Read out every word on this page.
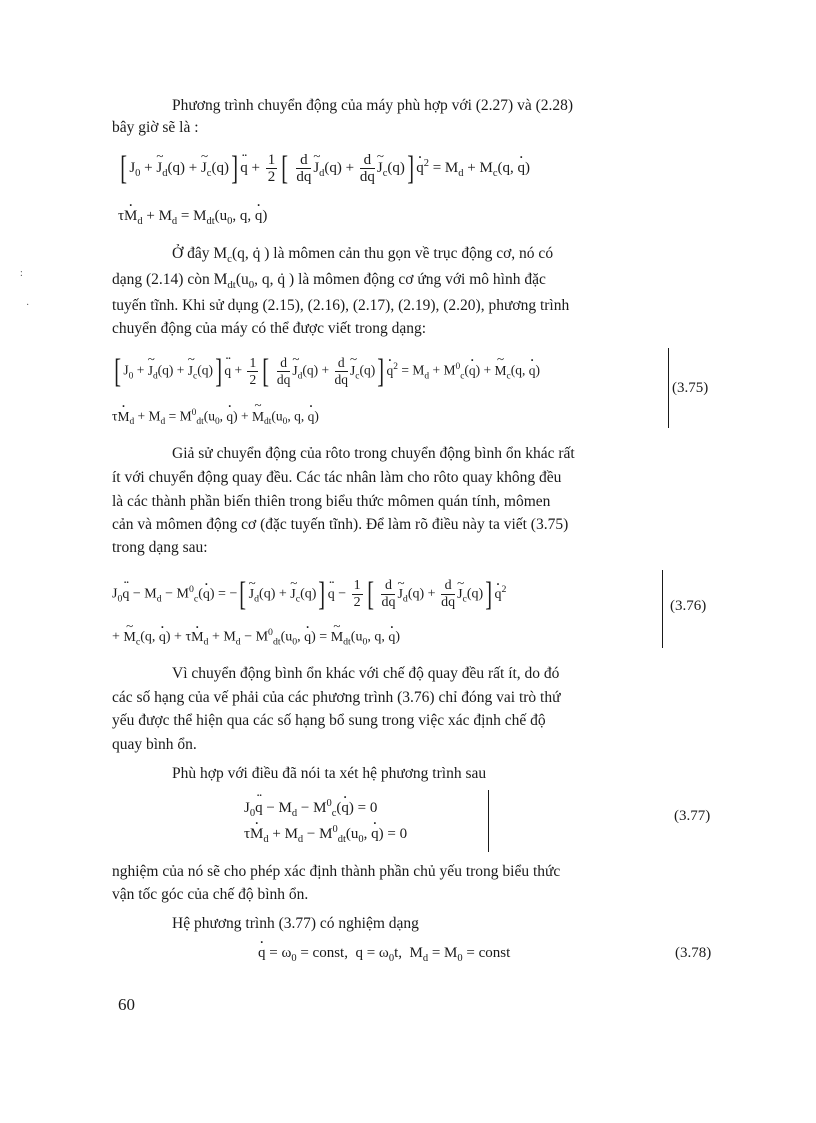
:
·
Phương trình chuyển động của máy phù hợp với (2.27) và (2.28)
bây giờ sẽ là :
[ $J_0$ + ~ $J_d(q)$ + ~ $J_c(q)$] .. $q + \frac{1}{2}$ [ $\frac{d}{dq}$ ~ $J_d(q) + \frac{d}{dq}$ ~ $J_c(q)$] . $q^2 = M_d + M_c(q$, . q)
τ. $M_d + M_d = M_{dt}(u_0$, q, . q)
Ở đây $M_c(q$, q̇ ) là mômen cản thu gọn về trục động cơ, nó có
dạng (2.14) còn $M_{dt}(u_0$, q, q̇ ) là mômen động cơ ứng với mô hình đặc
tuyến tĩnh. Khi sử dụng (2.15), (2.16), (2.17), (2.19), (2.20), phương trình
chuyển động của máy có thể được viết trong dạng:
[ $J_0$ + ~ $J_d(q)$ + ~ $J_c(q)$] .. $q + \frac{1}{2}$ [ $\frac{d}{dq}$ ~ $J_d(q) + \frac{d}{dq}$ ~ $J_c(q)$] . $q^2 = M_d + M^0_c$(. q) + ~ $M_c(q$, . q)
τ. $M_d + M_d = M^0_{dt}(u_0$, . q) + ~ $M_{dt}(u_0$, q, . q)
(3.75)
Giả sử chuyển động của rôto trong chuyển động bình ổn khác rất
ít với chuyển động quay đều. Các tác nhân làm cho rôto quay không đều
là các thành phần biến thiên trong biểu thức mômen quán tính, mômen
cản và mômen động cơ (đặc tuyến tĩnh). Để làm rõ điều này ta viết (3.75)
trong dạng sau:
$J_0$.. $q - M_d - M^0_c$(. q) = −[ ~ $J_d(q)$ + ~ $J_c(q)$] .. $q - \frac{1}{2}$ [ $\frac{d}{dq}$ ~ $J_d(q) + \frac{d}{dq}$ ~ $J_c(q)$] . $q^2$
+ ~ $M_c(q$, . q) + τ. $M_d + M_d - M^0_{dt}(u_0$, . q) = ~ $M_{dt}(u_0$, q, . q)
(3.76)
Vì chuyển động bình ổn khác với chế độ quay đều rất ít, do đó
các số hạng của vế phải của các phương trình (3.76) chỉ đóng vai trò thứ
yếu được thể hiện qua các số hạng bổ sung trong việc xác định chế độ
quay bình ổn.
Phù hợp với điều đã nói ta xét hệ phương trình sau
$J_0$.. $q - M_d - M^0_c$(. q) = 0
τ. $M_d + M_d - M^0_{dt}(u_0$, . q) = 0
(3.77)
nghiệm của nó sẽ cho phép xác định thành phần chủ yếu trong biểu thức
vận tốc góc của chế độ bình ổn.
Hệ phương trình (3.77) có nghiệm dạng
. $q = \omega_0$ = const,  $q = \omega_0t$,  $M_d = M_0$ = const	(3.78)
60
